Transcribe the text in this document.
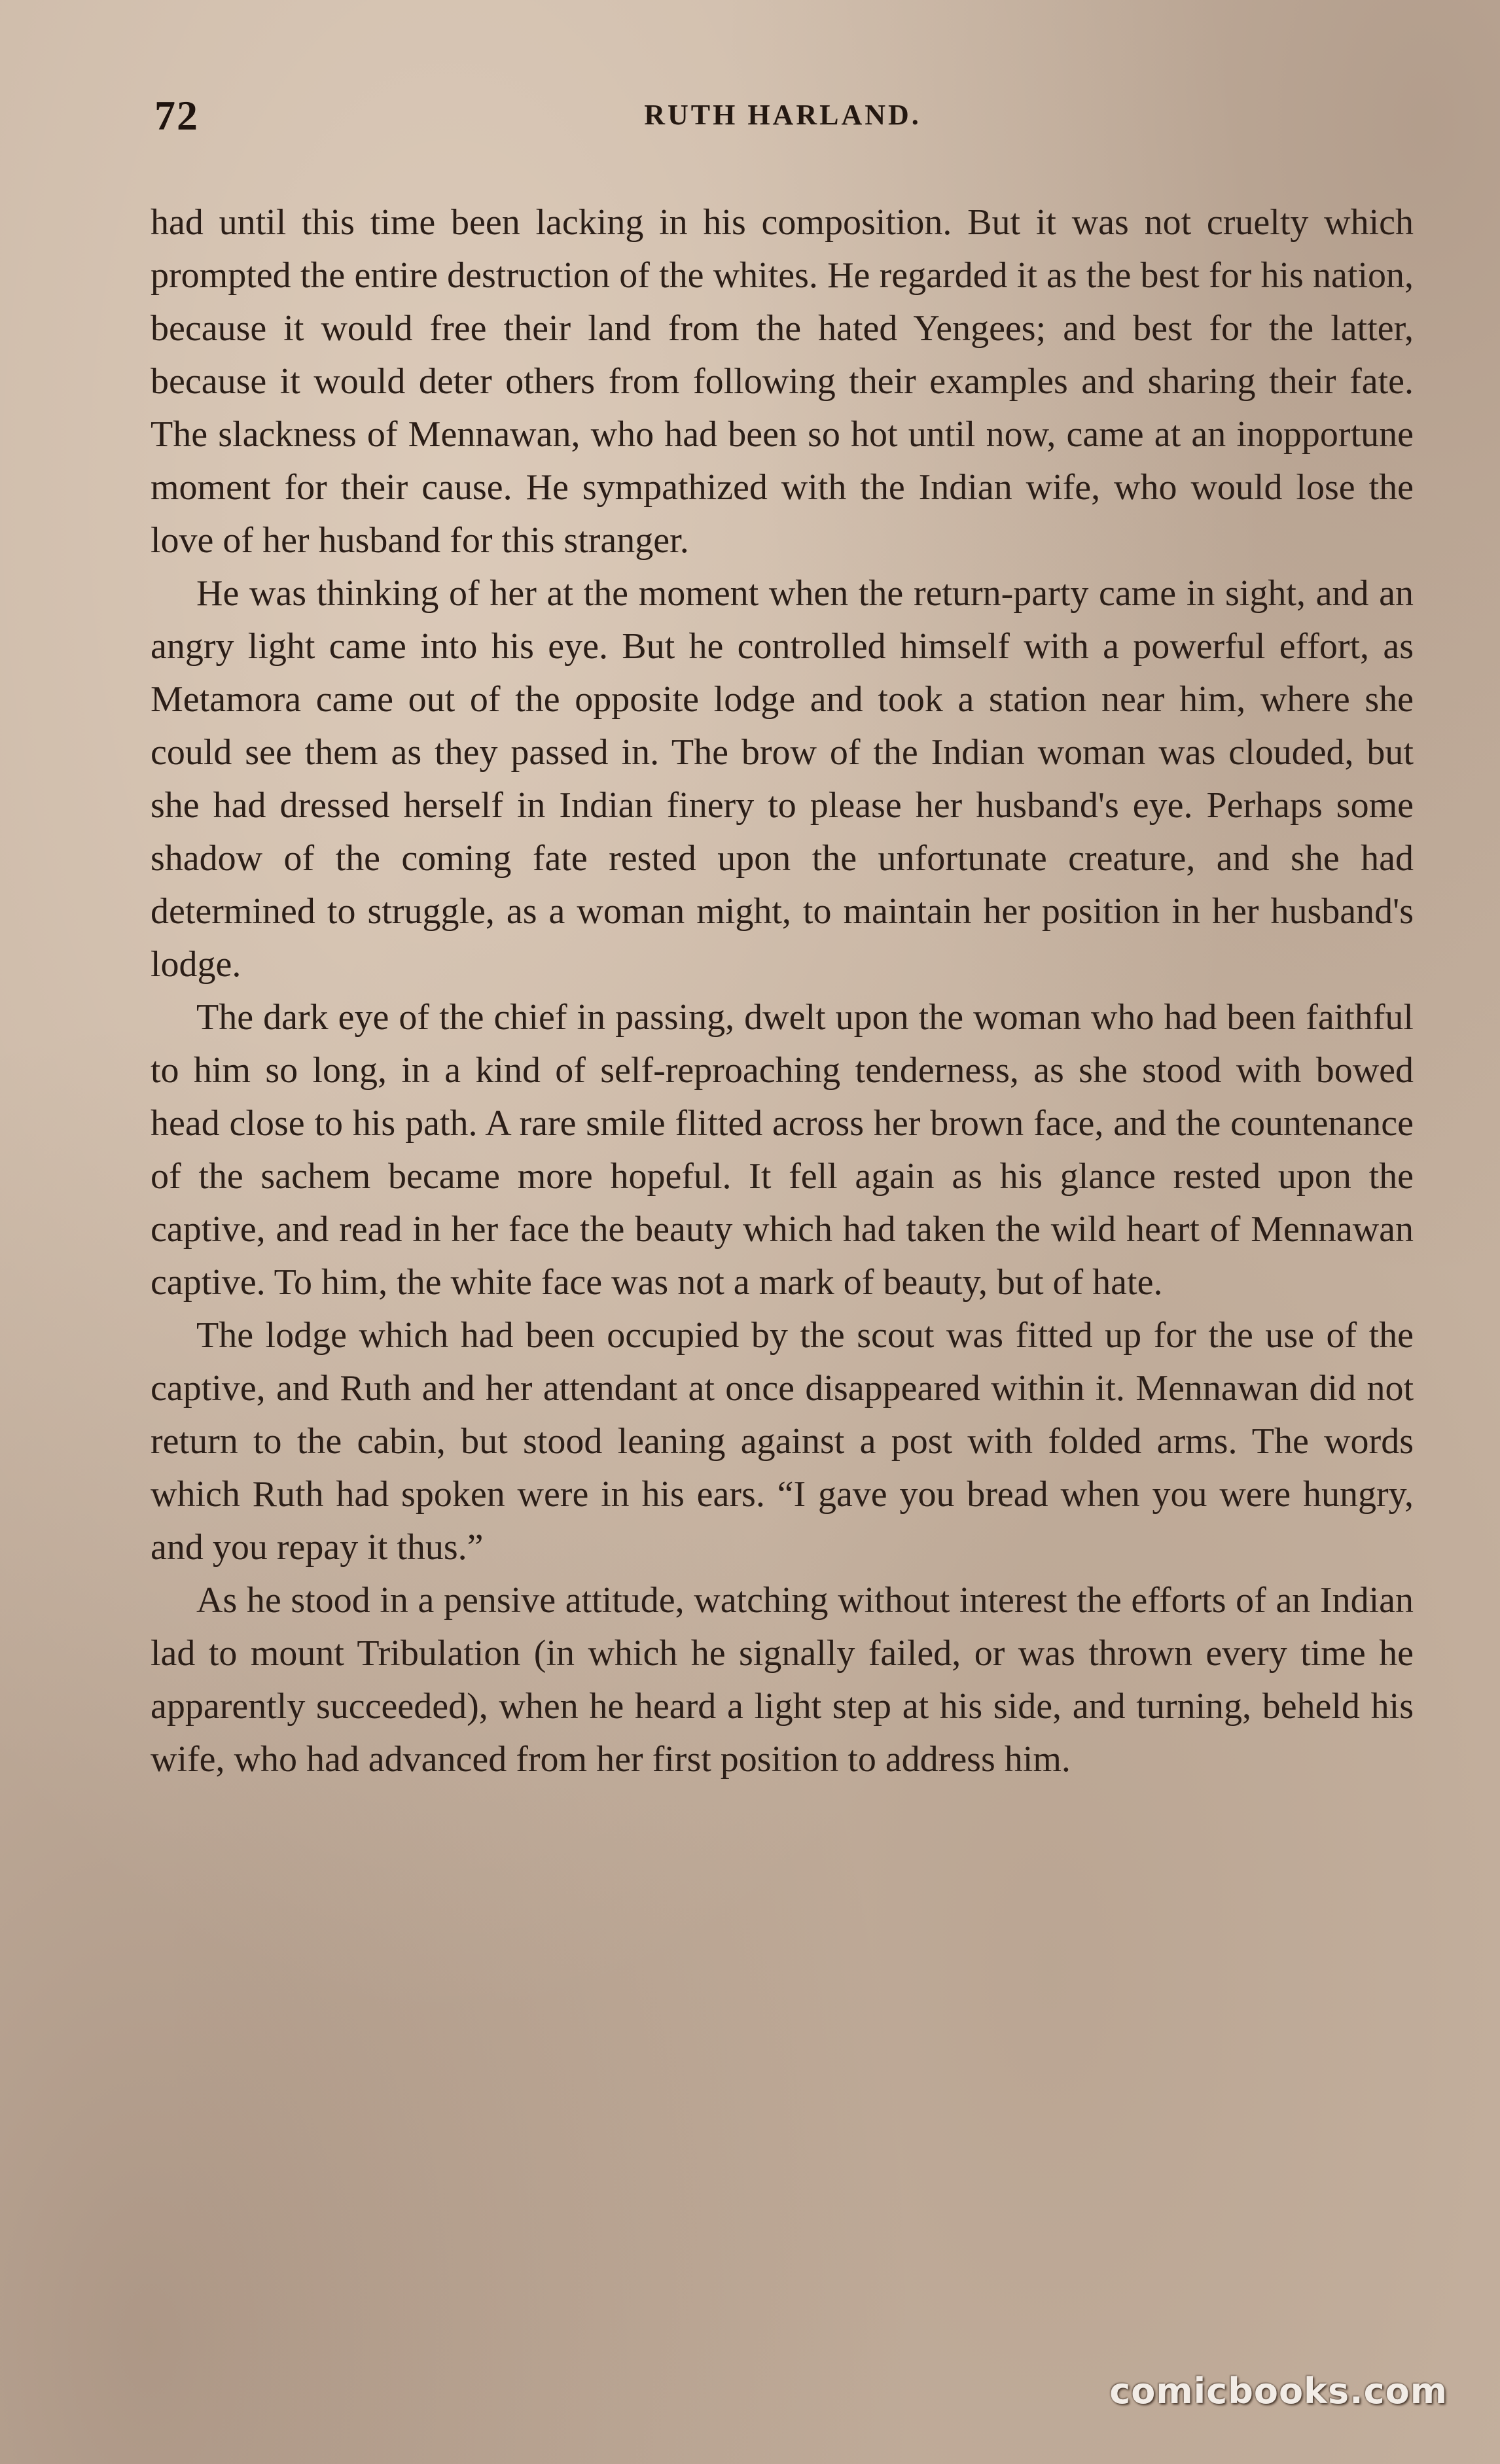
72	RUTH HARLAND.

had until this time been lacking in his composition. But it was not cruelty which prompted the entire destruction of the whites. He regarded it as the best for his nation, because it would free their land from the hated Yengees; and best for the latter, because it would deter others from following their examples and sharing their fate. The slackness of Mennawan, who had been so hot until now, came at an inopportune moment for their cause. He sympathized with the Indian wife, who would lose the love of her husband for this stranger.

He was thinking of her at the moment when the return-party came in sight, and an angry light came into his eye. But he controlled himself with a powerful effort, as Metamora came out of the opposite lodge and took a station near him, where she could see them as they passed in. The brow of the Indian woman was clouded, but she had dressed herself in Indian finery to please her husband's eye. Perhaps some shadow of the coming fate rested upon the unfortunate creature, and she had determined to struggle, as a woman might, to maintain her position in her husband's lodge.

The dark eye of the chief in passing, dwelt upon the woman who had been faithful to him so long, in a kind of self-reproaching tenderness, as she stood with bowed head close to his path. A rare smile flitted across her brown face, and the countenance of the sachem became more hopeful. It fell again as his glance rested upon the captive, and read in her face the beauty which had taken the wild heart of Mennawan captive. To him, the white face was not a mark of beauty, but of hate.

The lodge which had been occupied by the scout was fitted up for the use of the captive, and Ruth and her attendant at once disappeared within it. Mennawan did not return to the cabin, but stood leaning against a post with folded arms. The words which Ruth had spoken were in his ears. “I gave you bread when you were hungry, and you repay it thus.”

As he stood in a pensive attitude, watching without interest the efforts of an Indian lad to mount Tribulation (in which he signally failed, or was thrown every time he apparently succeeded), when he heard a light step at his side, and turning, beheld his wife, who had advanced from her first position to address him.

comicbooks.com
